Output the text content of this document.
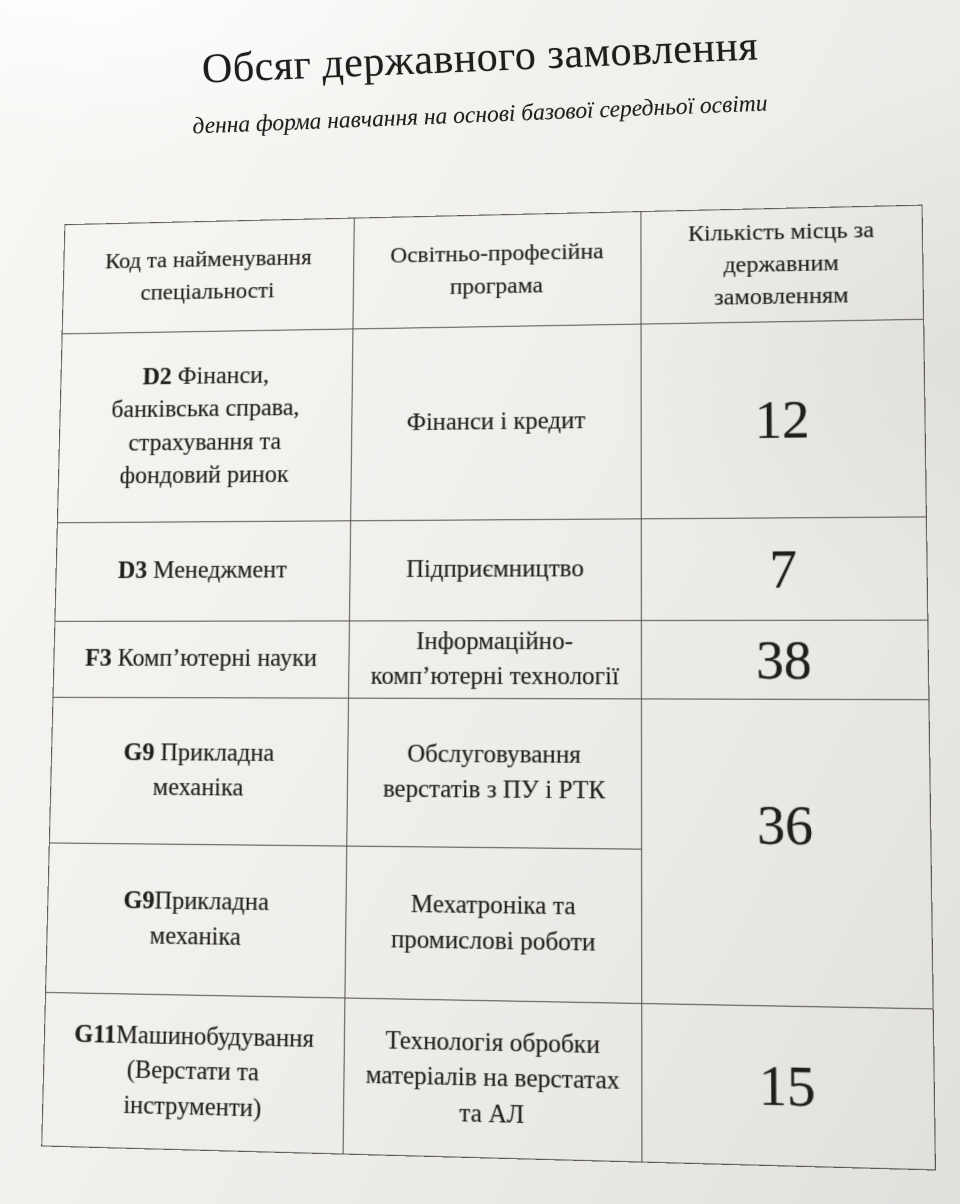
Обсяг державного замовлення
денна форма навчання на основі базової середньої освіти
Код та найменування спеціальності	Освітньо-професійна програма	Кількість місць за державним замовленням
D2 Фінанси, банківська справа, страхування та фондовий ринок	Фінанси і кредит	12
D3 Менеджмент	Підприємництво	7
F3 Комп’ютерні науки	Інформаційно-комп’ютерні технології	38
G9 Прикладна механіка	Обслуговування верстатів з ПУ і РТК	36
G9Прикладна механіка	Мехатроніка та промислові роботи	
G11Машинобудування (Верстати та інструменти)	Технологія обробки матеріалів на верстатах та АЛ	15
